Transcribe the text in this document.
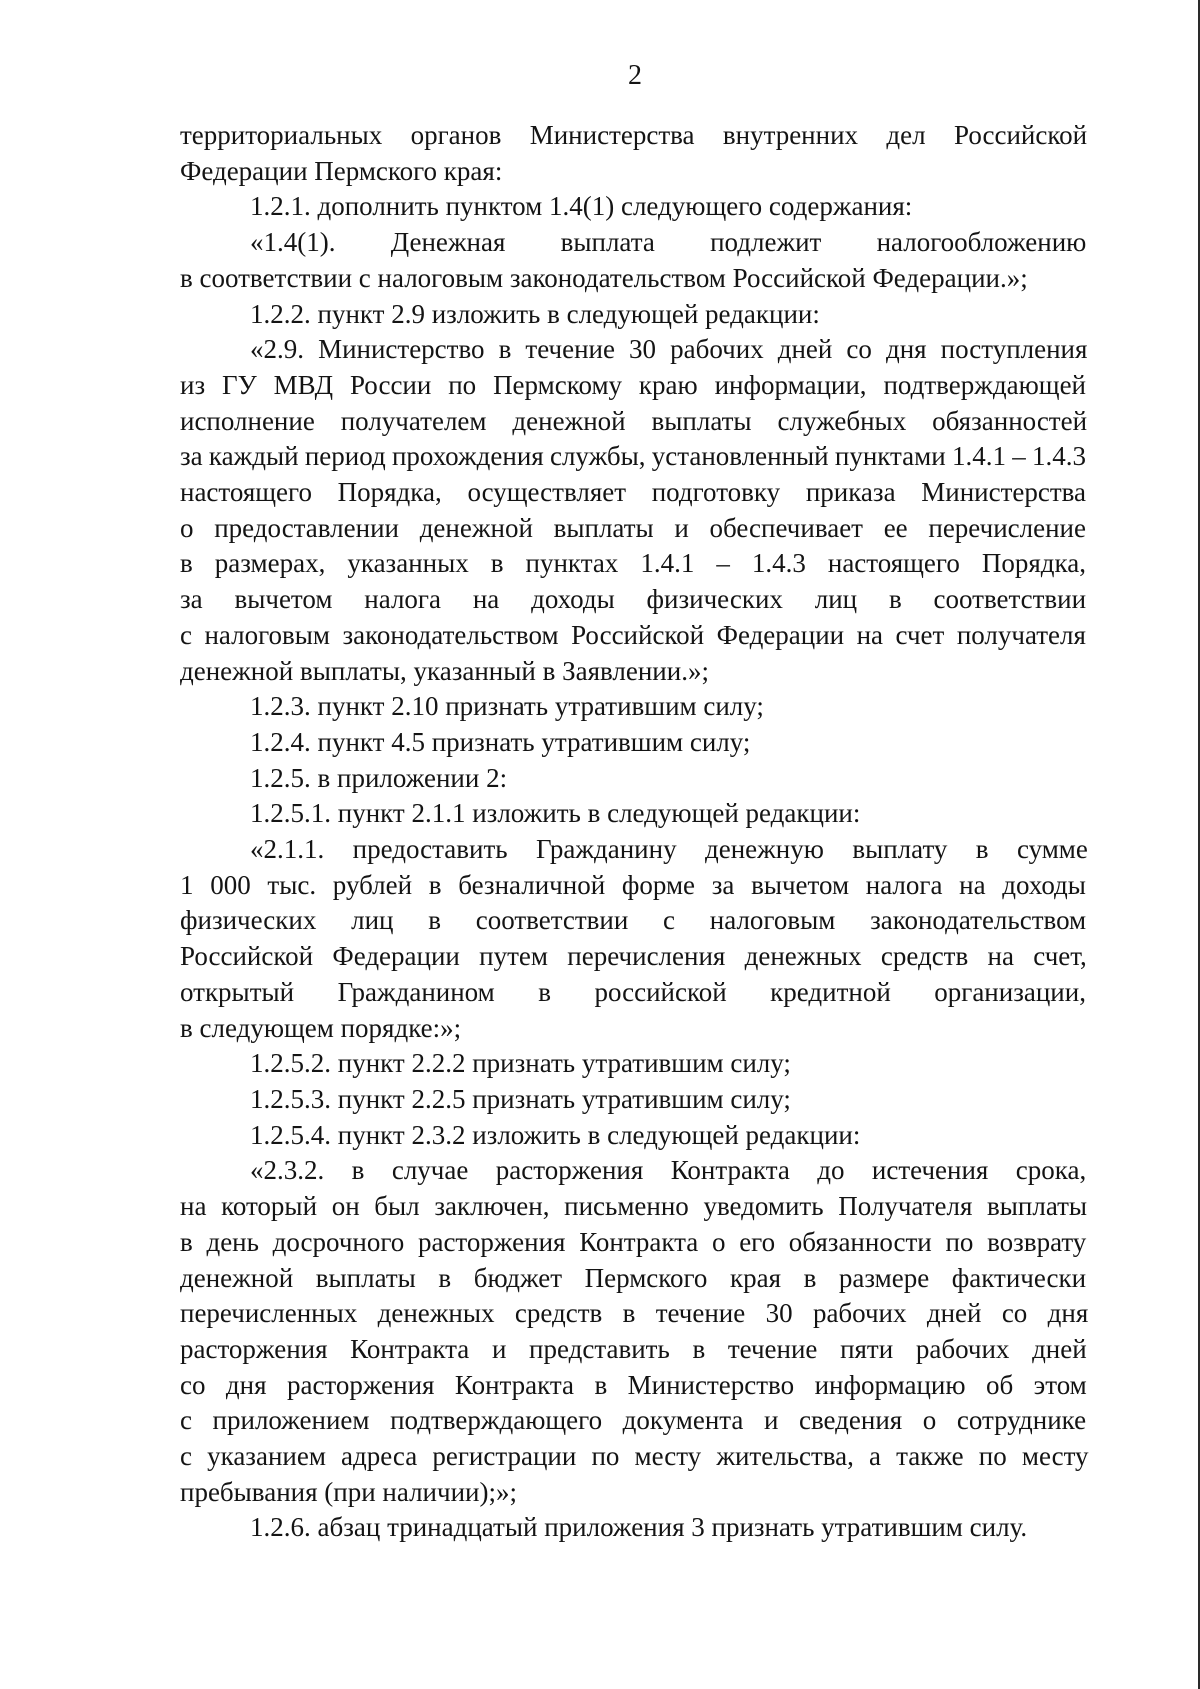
2
территориальных органов Министерства внутренних дел Российской
Федерации Пермского края:
1.2.1. дополнить пунктом 1.4(1) следующего содержания:
«1.4(1). Денежная выплата подлежит налогообложению
в соответствии с налоговым законодательством Российской Федерации.»;
1.2.2. пункт 2.9 изложить в следующей редакции:
«2.9. Министерство в течение 30 рабочих дней со дня поступления
из ГУ МВД России по Пермскому краю информации, подтверждающей
исполнение получателем денежной выплаты служебных обязанностей
за каждый период прохождения службы, установленный пунктами 1.4.1 – 1.4.3
настоящего Порядка, осуществляет подготовку приказа Министерства
о предоставлении денежной выплаты и обеспечивает ее перечисление
в размерах, указанных в пунктах 1.4.1 – 1.4.3 настоящего Порядка,
за вычетом налога на доходы физических лиц в соответствии
с налоговым законодательством Российской Федерации на счет получателя
денежной выплаты, указанный в Заявлении.»;
1.2.3. пункт 2.10 признать утратившим силу;
1.2.4. пункт 4.5 признать утратившим силу;
1.2.5. в приложении 2:
1.2.5.1. пункт 2.1.1 изложить в следующей редакции:
«2.1.1. предоставить Гражданину денежную выплату в сумме
1 000 тыс. рублей в безналичной форме за вычетом налога на доходы
физических лиц в соответствии с налоговым законодательством
Российской Федерации путем перечисления денежных средств на счет,
открытый Гражданином в российской кредитной организации,
в следующем порядке:»;
1.2.5.2. пункт 2.2.2 признать утратившим силу;
1.2.5.3. пункт 2.2.5 признать утратившим силу;
1.2.5.4. пункт 2.3.2 изложить в следующей редакции:
«2.3.2. в случае расторжения Контракта до истечения срока,
на который он был заключен, письменно уведомить Получателя выплаты
в день досрочного расторжения Контракта о его обязанности по возврату
денежной выплаты в бюджет Пермского края в размере фактически
перечисленных денежных средств в течение 30 рабочих дней со дня
расторжения Контракта и представить в течение пяти рабочих дней
со дня расторжения Контракта в Министерство информацию об этом
с приложением подтверждающего документа и сведения о сотруднике
с указанием адреса регистрации по месту жительства, а также по месту
пребывания (при наличии);»;
1.2.6. абзац тринадцатый приложения 3 признать утратившим силу.
